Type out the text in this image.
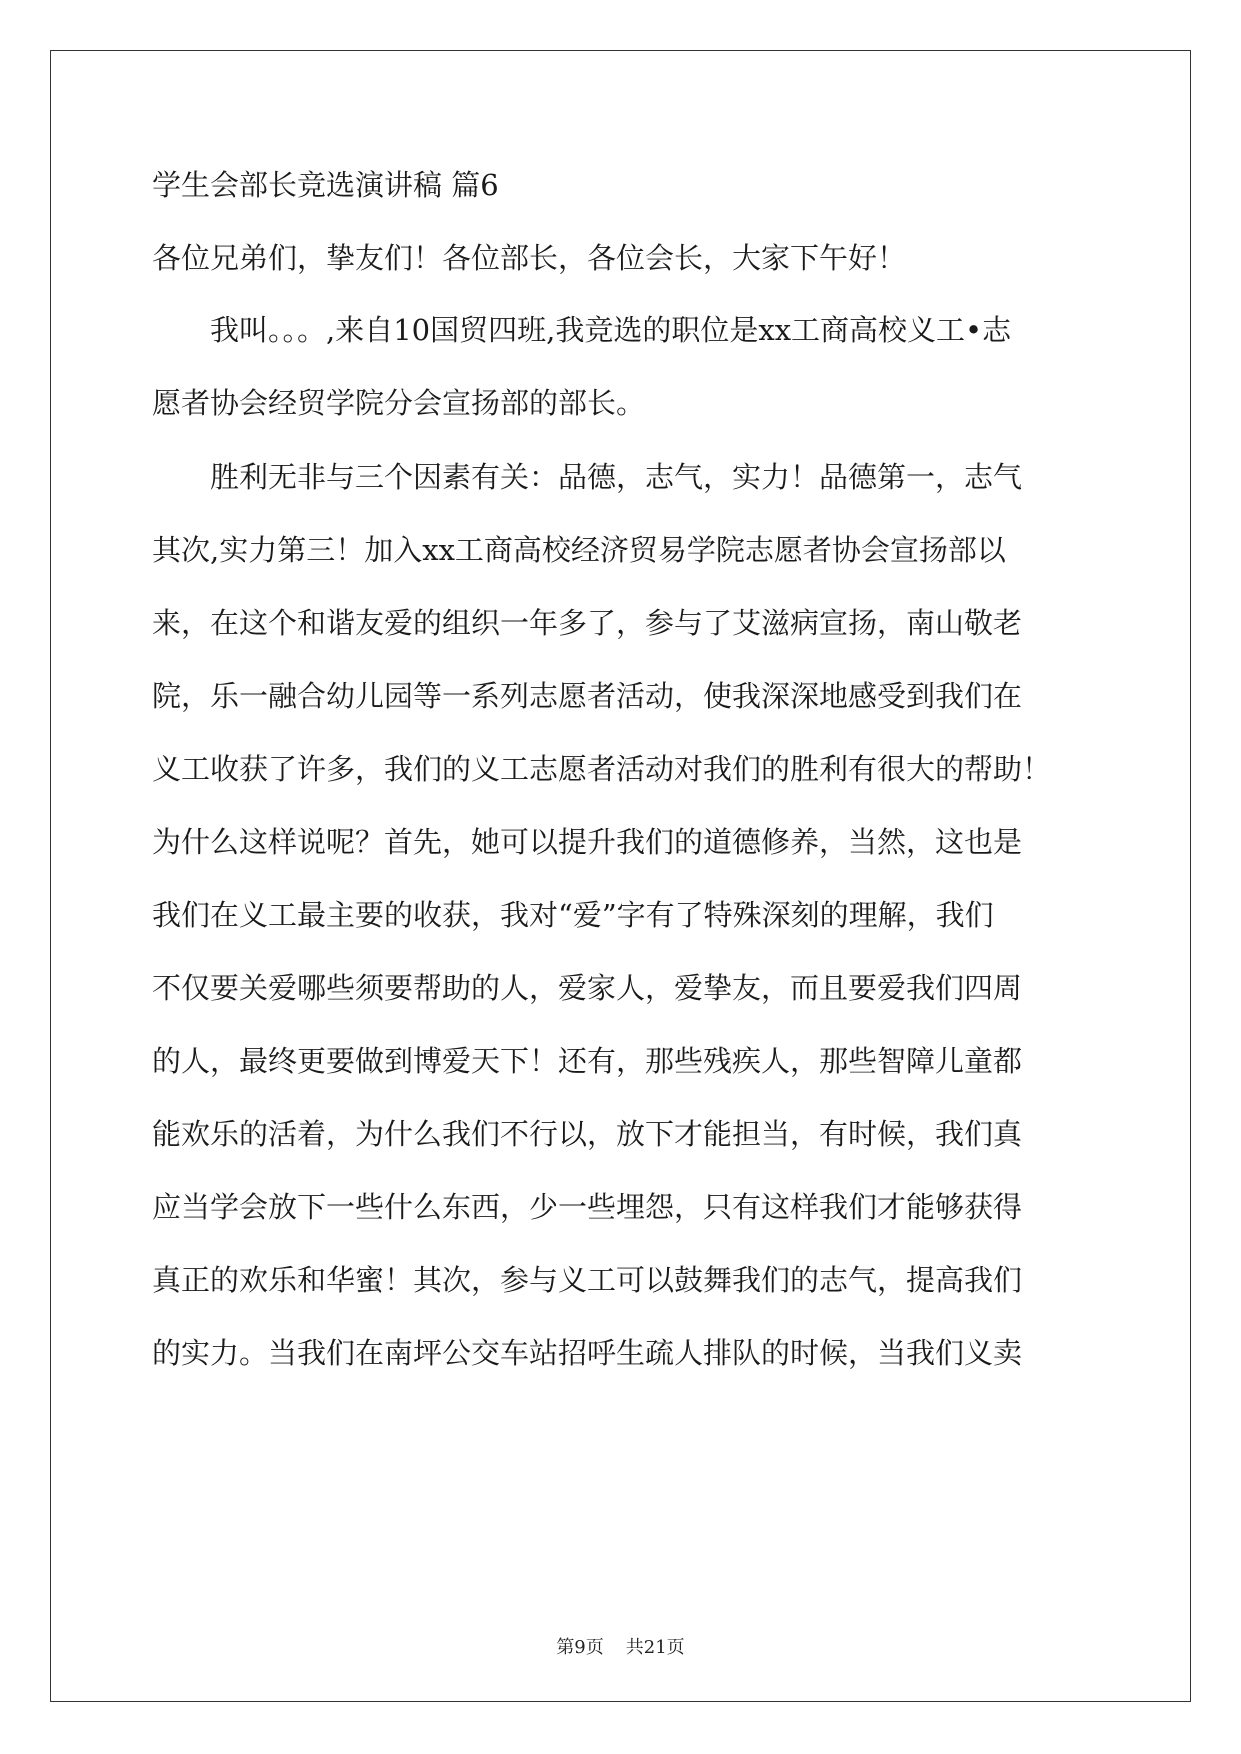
学生会部长竞选演讲稿 篇6
各位兄弟们，挚友们！各位部长，各位会长，大家下午好！
　　我叫。。。,来自10国贸四班,我竞选的职位是xx工商高校义工•志
愿者协会经贸学院分会宣扬部的部长。
　　胜利无非与三个因素有关：品德，志气，实力！品德第一，志气
其次,实力第三！加入xx工商高校经济贸易学院志愿者协会宣扬部以
来，在这个和谐友爱的组织一年多了，参与了艾滋病宣扬，南山敬老
院，乐一融合幼儿园等一系列志愿者活动，使我深深地感受到我们在
义工收获了许多，我们的义工志愿者活动对我们的胜利有很大的帮助！
为什么这样说呢？首先，她可以提升我们的道德修养，当然，这也是
我们在义工最主要的收获，我对“爱”字有了特殊深刻的理解，我们
不仅要关爱哪些须要帮助的人，爱家人，爱挚友，而且要爱我们四周
的人，最终更要做到博爱天下！还有，那些残疾人，那些智障儿童都
能欢乐的活着，为什么我们不行以，放下才能担当，有时候，我们真
应当学会放下一些什么东西，少一些埋怨，只有这样我们才能够获得
真正的欢乐和华蜜！其次，参与义工可以鼓舞我们的志气，提高我们
的实力。当我们在南坪公交车站招呼生疏人排队的时候，当我们义卖
第9页 共21页
